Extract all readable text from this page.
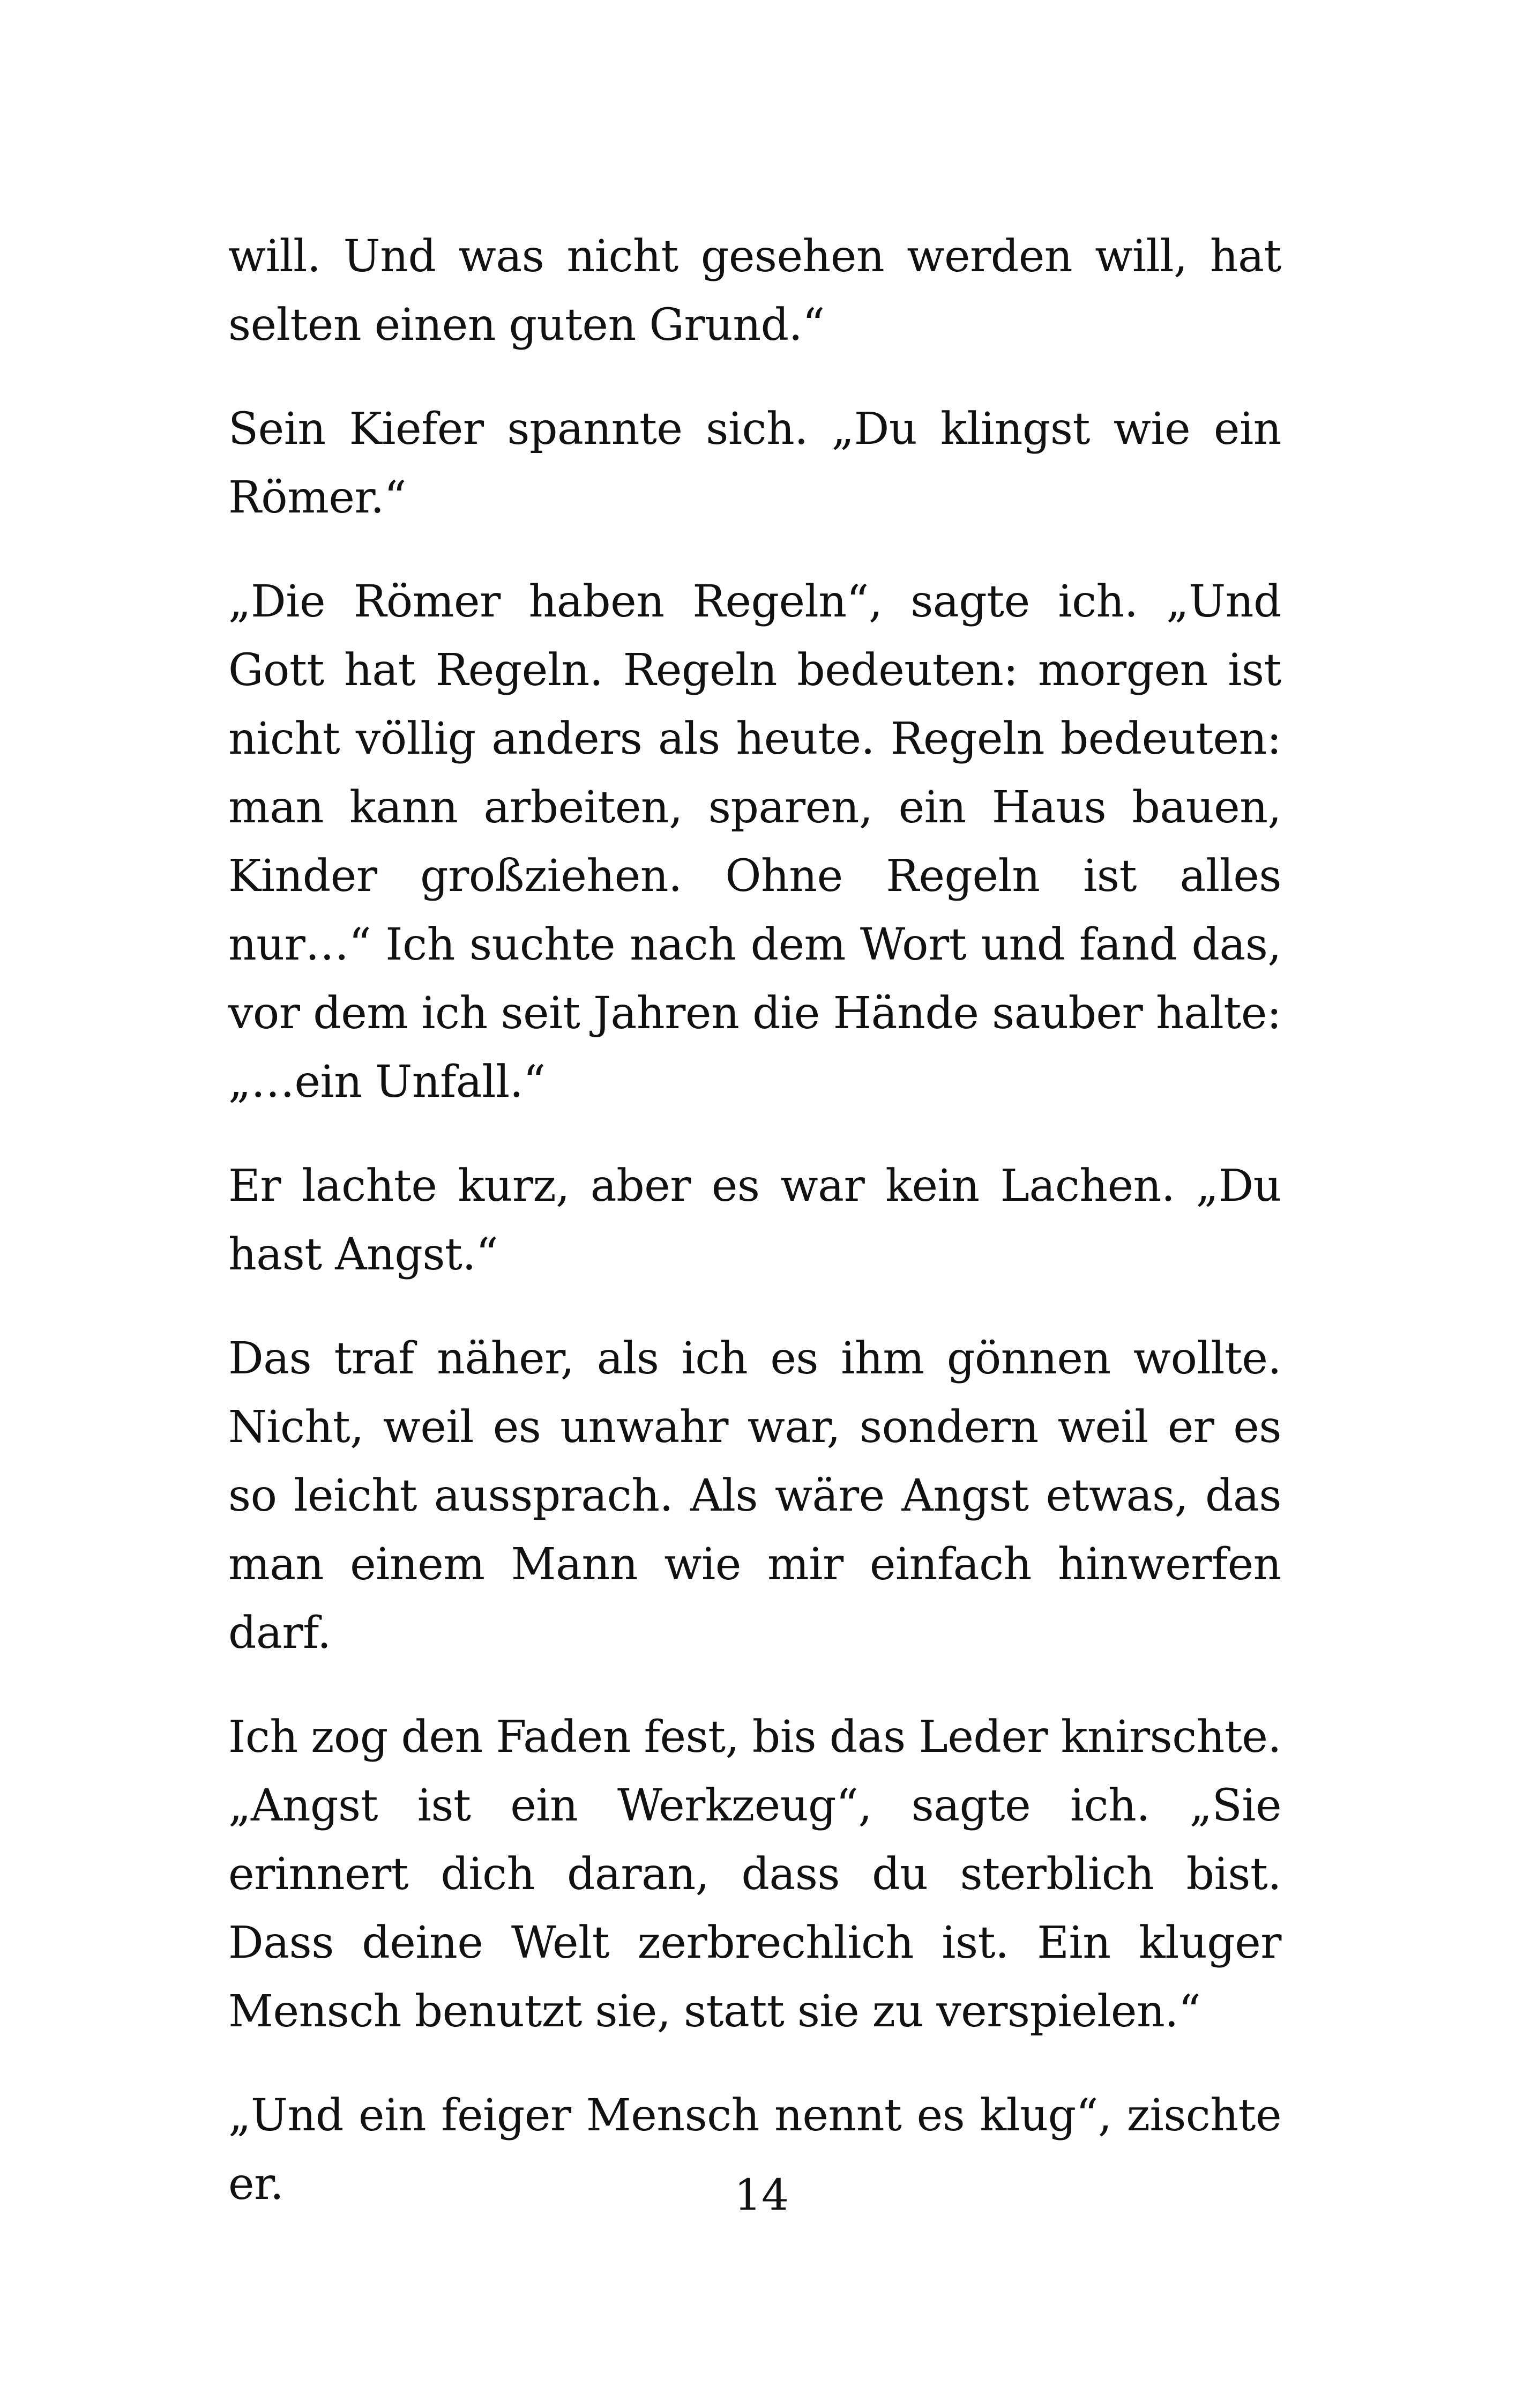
will. Und was nicht gesehen werden will, hat selten einen guten Grund.“

Sein Kiefer spannte sich. „Du klingst wie ein Römer.“

„Die Römer haben Regeln“, sagte ich. „Und Gott hat Regeln. Regeln bedeuten: morgen ist nicht völlig anders als heute. Regeln bedeuten: man kann arbeiten, sparen, ein Haus bauen, Kinder großziehen. Ohne Regeln ist alles nur…“ Ich suchte nach dem Wort und fand das, vor dem ich seit Jahren die Hände sauber halte: „…ein Unfall.“

Er lachte kurz, aber es war kein Lachen. „Du hast Angst.“

Das traf näher, als ich es ihm gönnen wollte. Nicht, weil es unwahr war, sondern weil er es so leicht aussprach. Als wäre Angst etwas, das man einem Mann wie mir einfach hinwerfen darf.

Ich zog den Faden fest, bis das Leder knirschte. „Angst ist ein Werkzeug“, sagte ich. „Sie erinnert dich daran, dass du sterblich bist. Dass deine Welt zerbrechlich ist. Ein kluger Mensch benutzt sie, statt sie zu verspielen.“

„Und ein feiger Mensch nennt es klug“, zischte er.	14
